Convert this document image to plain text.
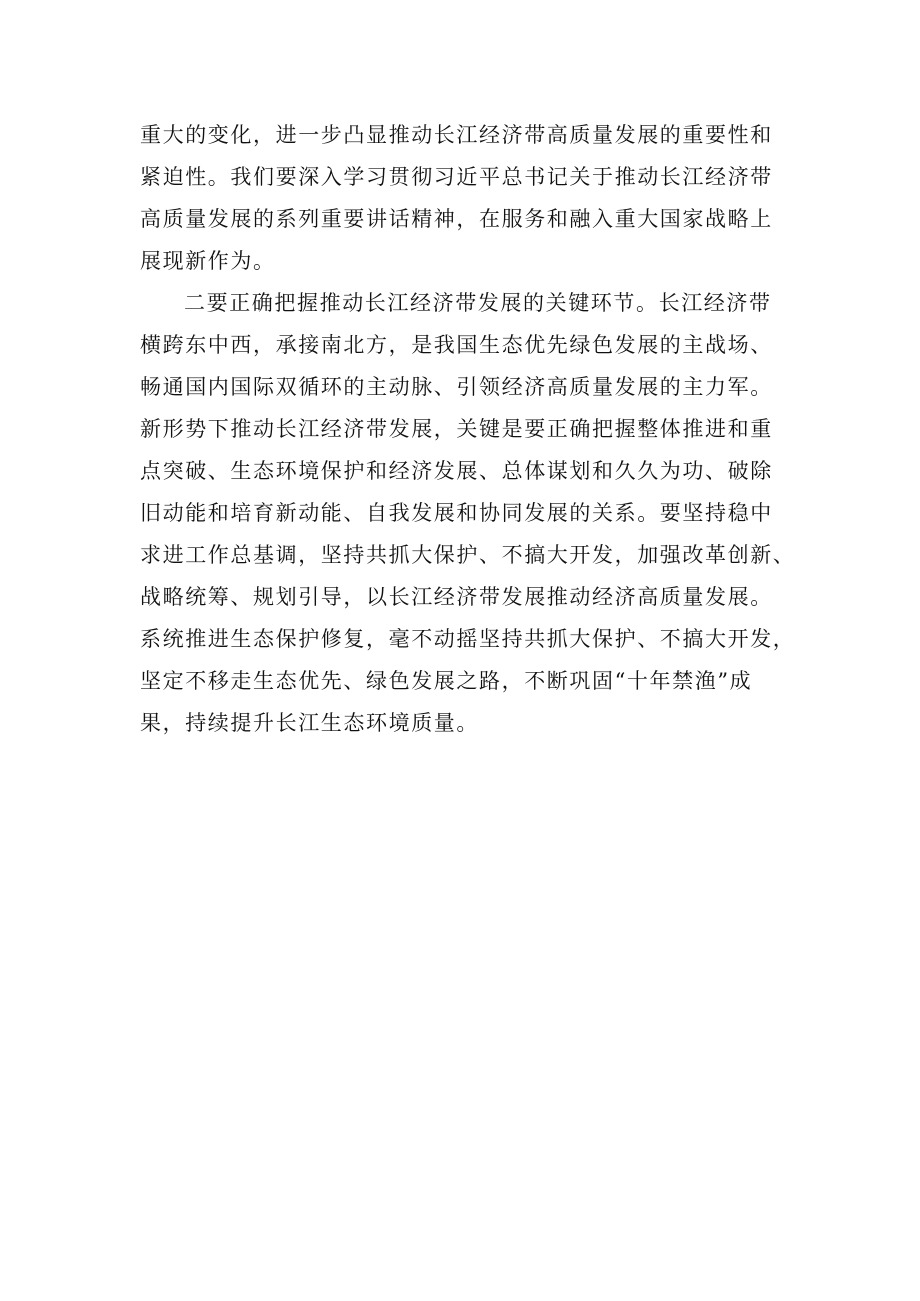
重大的变化，进一步凸显推动长江经济带高质量发展的重要性和
紧迫性。我们要深入学习贯彻习近平总书记关于推动长江经济带
高质量发展的系列重要讲话精神，在服务和融入重大国家战略上
展现新作为。
二要正确把握推动长江经济带发展的关键环节。长江经济带
横跨东中西，承接南北方，是我国生态优先绿色发展的主战场、
畅通国内国际双循环的主动脉、引领经济高质量发展的主力军。
新形势下推动长江经济带发展，关键是要正确把握整体推进和重
点突破、生态环境保护和经济发展、总体谋划和久久为功、破除
旧动能和培育新动能、自我发展和协同发展的关系。要坚持稳中
求进工作总基调，坚持共抓大保护、不搞大开发，加强改革创新、
战略统筹、规划引导，以长江经济带发展推动经济高质量发展。
系统推进生态保护修复，毫不动摇坚持共抓大保护、不搞大开发，
坚定不移走生态优先、绿色发展之路，不断巩固“十年禁渔”成
果，持续提升长江生态环境质量。
